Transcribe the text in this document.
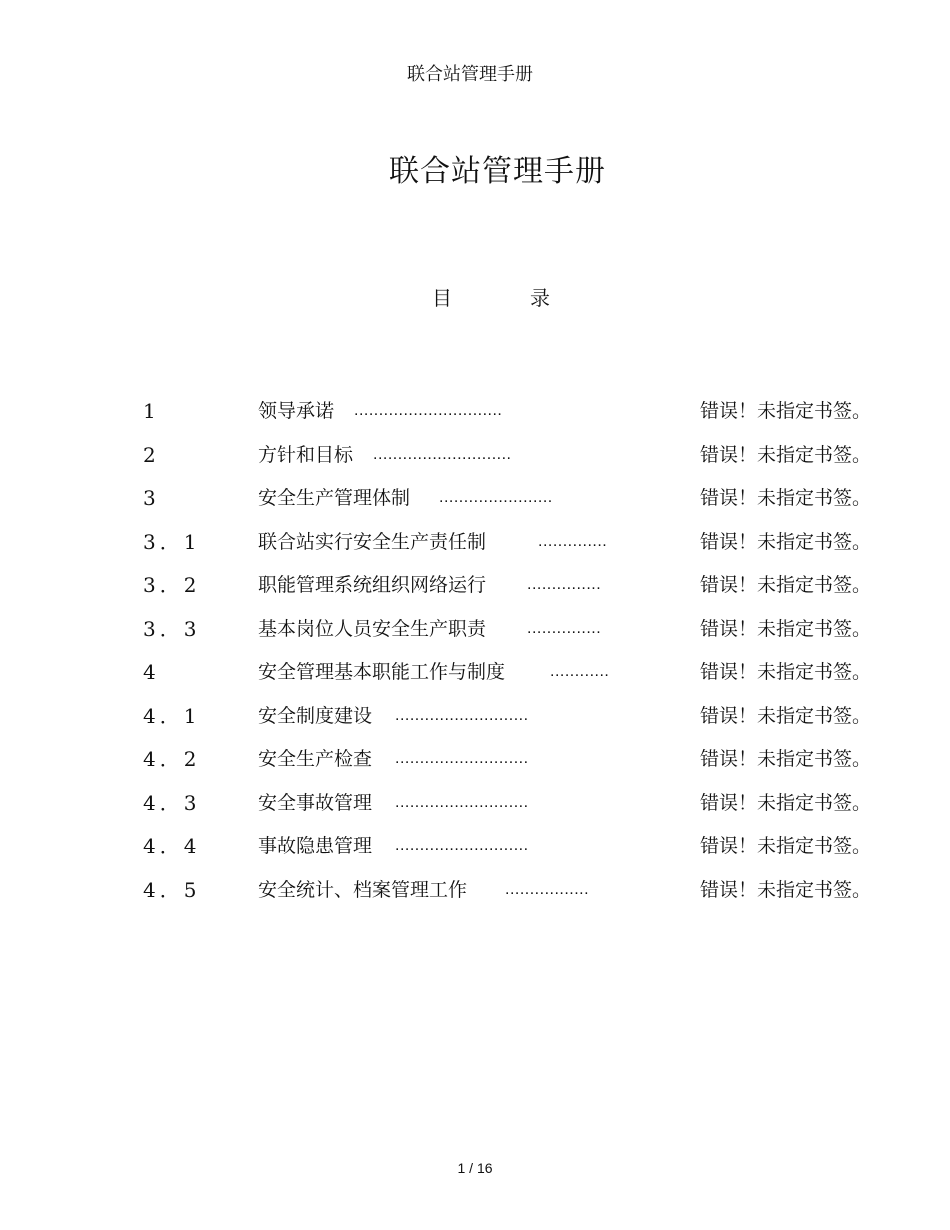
联合站管理手册
联合站管理手册
目	录
1	领导承诺 ..............................	错误！未指定书签。
2	方针和目标 ............................	错误！未指定书签。
3	安全生产管理体制 .......................	错误！未指定书签。
3．1	联合站实行安全生产责任制	..............	错误！未指定书签。
3．2	职能管理系统组织网络运行	...............	错误！未指定书签。
3．3	基本岗位人员安全生产职责	...............	错误！未指定书签。
4	安全管理基本职能工作与制度	............	错误！未指定书签。
4．1	安全制度建设 ...........................	错误！未指定书签。
4．2	安全生产检查 ...........................	错误！未指定书签。
4．3	安全事故管理 ...........................	错误！未指定书签。
4．4	事故隐患管理 ...........................	错误！未指定书签。
4．5	安全统计、档案管理工作 .................	错误！未指定书签。
1 / 16
